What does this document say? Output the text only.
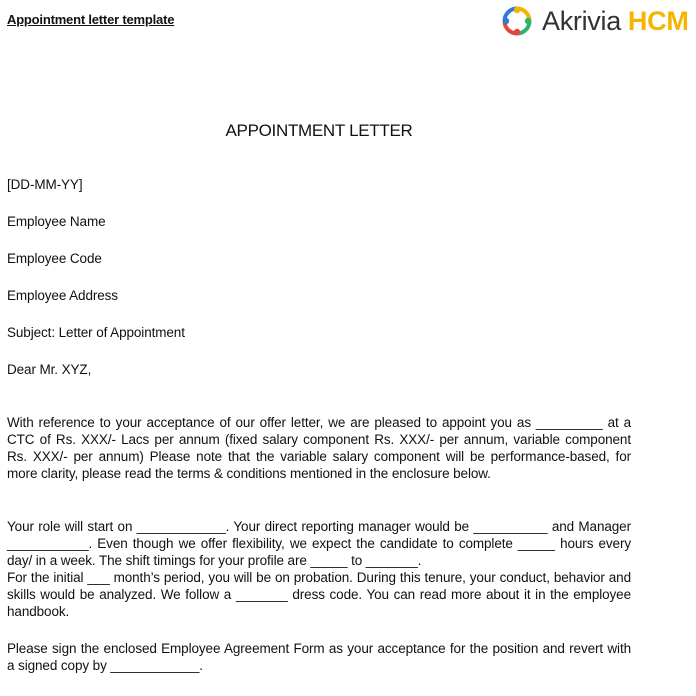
Appointment letter template	Akrivia HCM
APPOINTMENT LETTER
[DD-MM-YY]
Employee Name
Employee Code
Employee Address
Subject: Letter of Appointment
Dear Mr. XYZ,

With reference to your acceptance of our offer letter, we are pleased to appoint you as _________ at a CTC of Rs. XXX/- Lacs per annum (fixed salary component Rs. XXX/- per annum, variable component Rs. XXX/- per annum) Please note that the variable salary component will be performance-based, for more clarity, please read the terms & conditions mentioned in the enclosure below.

Your role will start on ____________. Your direct reporting manager would be __________ and Manager ___________. Even though we offer flexibility, we expect the candidate to complete _____ hours every day/ in a week. The shift timings for your profile are _____ to _______.

For the initial ___ month’s period, you will be on probation. During this tenure, your conduct, behavior and skills would be analyzed. We follow a _______ dress code. You can read more about it in the employee handbook.

Please sign the enclosed Employee Agreement Form as your acceptance for the position and revert with a signed copy by ____________.
